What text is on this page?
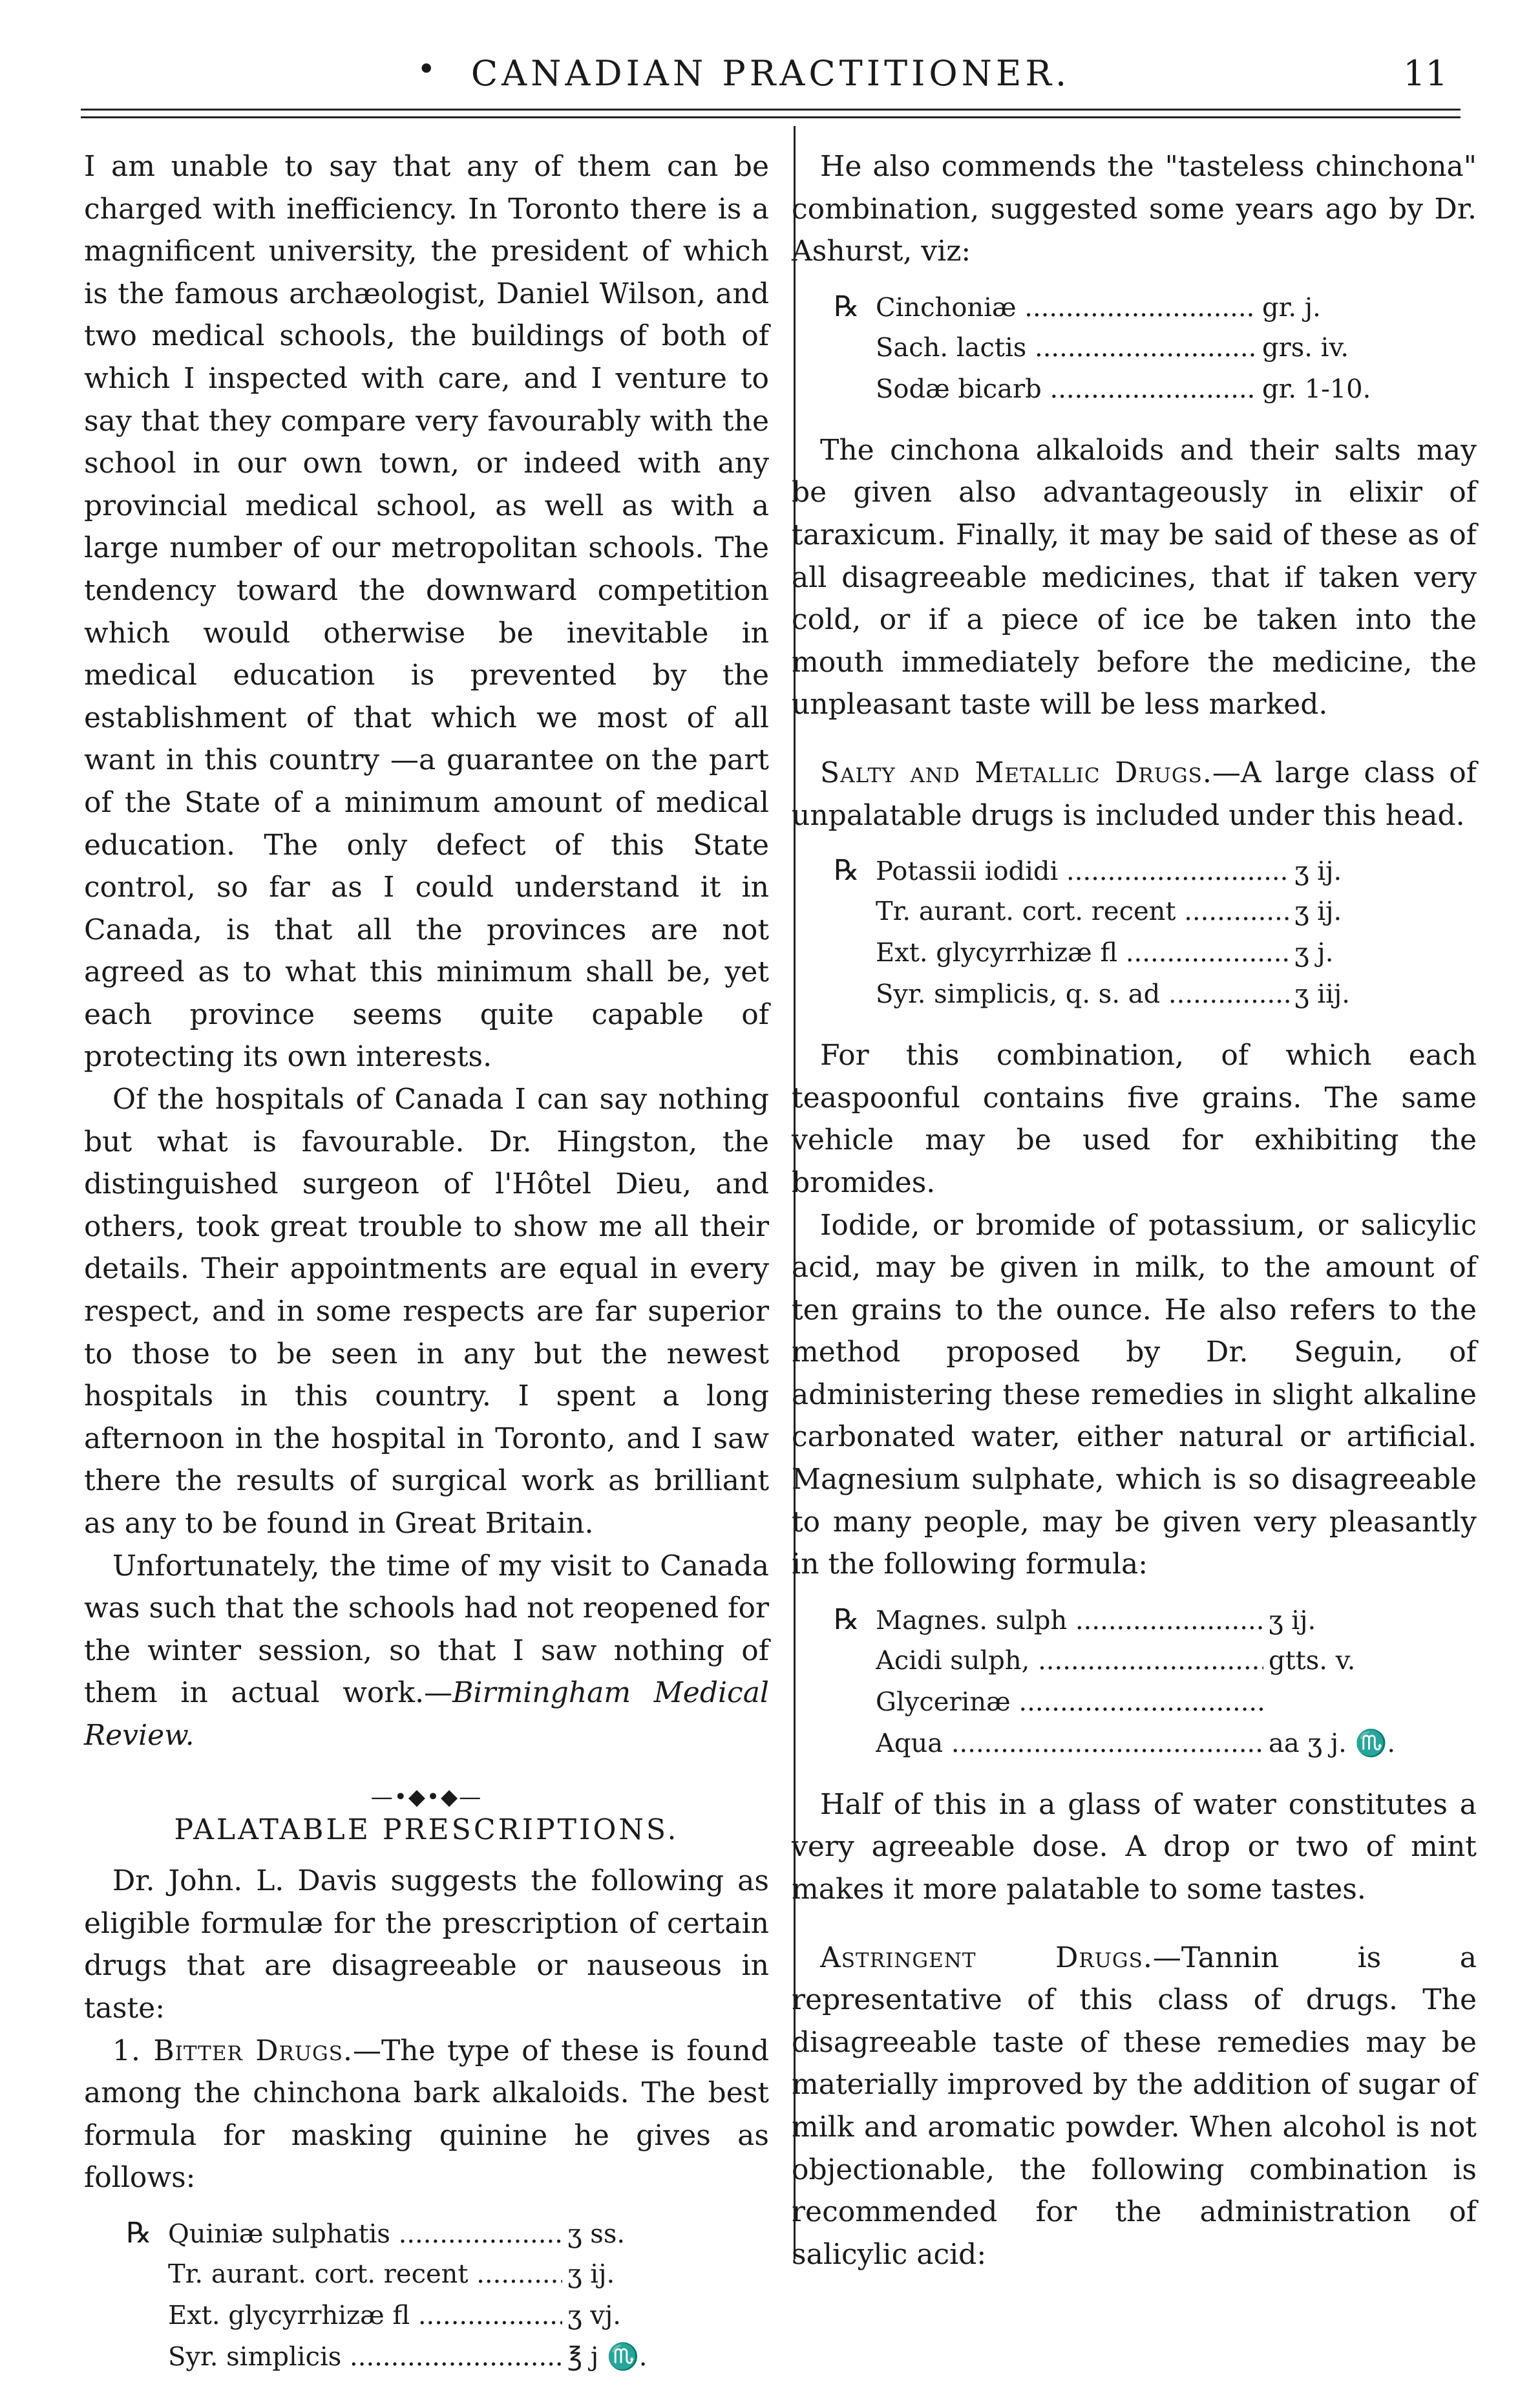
•	CANADIAN PRACTITIONER.	11

I am unable to say that any of them can be charged with inefficiency. In Toronto there is a magnificent university, the president of which is the famous archæologist, Daniel Wilson, and two medical schools, the buildings of both of which I inspected with care, and I venture to say that they compare very favourably with the school in our own town, or indeed with any provincial medical school, as well as with a large number of our metropolitan schools. The tendency toward the downward competition which would otherwise be inevitable in medical education is prevented by the establishment of that which we most of all want in this country —a guarantee on the part of the State of a minimum amount of medical education. The only defect of this State control, so far as I could understand it in Canada, is that all the provinces are not agreed as to what this minimum shall be, yet each province seems quite capable of protecting its own interests.

Of the hospitals of Canada I can say nothing but what is favourable. Dr. Hingston, the distinguished surgeon of l'Hôtel Dieu, and others, took great trouble to show me all their details. Their appointments are equal in every respect, and in some respects are far superior to those to be seen in any but the newest hospitals in this country. I spent a long afternoon in the hospital in Toronto, and I saw there the results of surgical work as brilliant as any to be found in Great Britain.

Unfortunately, the time of my visit to Canada was such that the schools had not reopened for the winter session, so that I saw nothing of them in actual work.—Birmingham Medical Review.

—•◆•◆—
PALATABLE PRESCRIPTIONS.

Dr. John. L. Davis suggests the following as eligible formulæ for the prescription of certain drugs that are disagreeable or nauseous in taste:

1. Bitter Drugs.—The type of these is found among the chinchona bark alkaloids. The best formula for masking quinine he gives as follows:

℞ Quiniæ sulphatis .....	ʒ ss.
Tr. aurant. cort. recent .....	ʒ ij.
Ext. glycyrrhizæ fl .....	ʒ vj.
Syr. simplicis .....	℥ j ♏.

He also commends the "tasteless chinchona" combination, suggested some years ago by Dr. Ashurst, viz:

℞ Cinchoniæ .....	gr. j.
Sach. lactis .....	grs. iv.
Sodæ bicarb .....	gr. 1-10.

The cinchona alkaloids and their salts may be given also advantageously in elixir of taraxicum. Finally, it may be said of these as of all disagreeable medicines, that if taken very cold, or if a piece of ice be taken into the mouth immediately before the medicine, the unpleasant taste will be less marked.

Salty and Metallic Drugs.—A large class of unpalatable drugs is included under this head.

℞ Potassii iodidi .....	ʒ ij.
Tr. aurant. cort. recent .....	ʒ ij.
Ext. glycyrrhizæ fl .....	ʒ j.
Syr. simplicis, q. s. ad .....	ʒ iij.

For this combination, of which each teaspoonful contains five grains. The same vehicle may be used for exhibiting the bromides.

Iodide, or bromide of potassium, or salicylic acid, may be given in milk, to the amount of ten grains to the ounce. He also refers to the method proposed by Dr. Seguin, of administering these remedies in slight alkaline carbonated water, either natural or artificial. Magnesium sulphate, which is so disagreeable to many people, may be given very pleasantly in the following formula:

℞ Magnes. sulph .....	ʒ ij.
Acidi sulph, .....	gtts. v.
Glycerinæ .....
Aqua .....	aa ʒ j. ♏.

Half of this in a glass of water constitutes a very agreeable dose. A drop or two of mint makes it more palatable to some tastes.

Astringent Drugs.—Tannin is a representative of this class of drugs. The disagreeable taste of these remedies may be materially improved by the addition of sugar of milk and aromatic powder. When alcohol is not objectionable, the following combination is recommended for the administration of salicylic acid:
